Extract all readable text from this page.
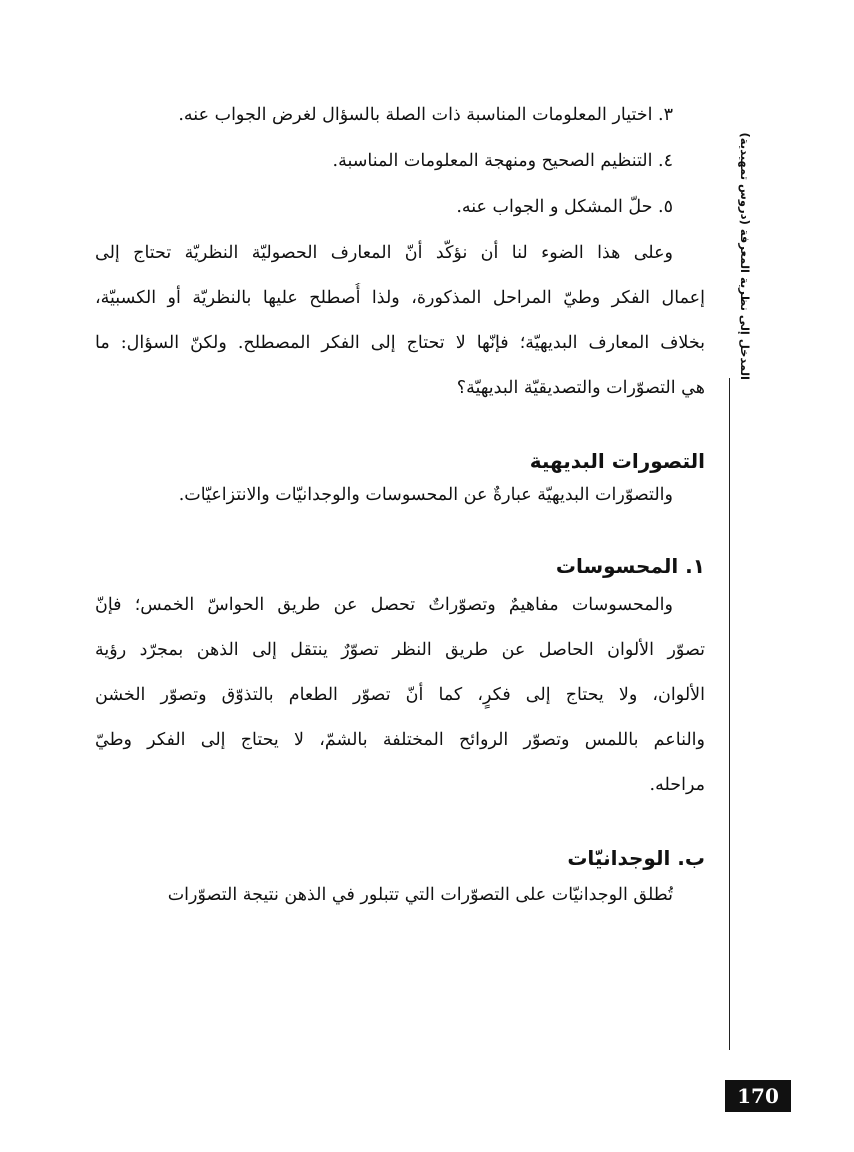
٣. اختيار المعلومات المناسبة ذات الصلة بالسؤال لغرض الجواب عنه.
٤. التنظيم الصحيح ومنهجة المعلومات المناسبة.
٥. حلّ المشكل و الجواب عنه.
وعلى هذا الضوء لنا أن نؤكّد أنّ المعارف الحصوليّة النظريّة تحتاج إلى
إعمال الفكر وطيّ المراحل المذكورة، ولذا أُصطلح عليها بالنظريّة أو الكسبيّة،
بخلاف المعارف البديهيّة؛ فإنّها لا تحتاج إلى الفكر المصطلح. ولكنّ السؤال: ما
هي التصوّرات والتصديقيّة البديهيّة؟
التصورات البديهية
والتصوّرات البديهيّة عبارةٌ عن المحسوسات والوجدانيّات والانتزاعيّات.
١. المحسوسات
والمحسوسات مفاهيمٌ وتصوّراتٌ تحصل عن طريق الحواسّ الخمس؛ فإنّ
تصوّر الألوان الحاصل عن طريق النظر تصوّرٌ ينتقل إلى الذهن بمجرّد رؤية
الألوان، ولا يحتاج إلى فكرٍ، كما أنّ تصوّر الطعام بالتذوّق وتصوّر الخشن
والناعم باللمس وتصوّر الروائح المختلفة بالشمّ، لا يحتاج إلى الفكر وطيّ
مراحله.
ب. الوجدانيّات
تُطلق الوجدانيّات على التصوّرات التي تتبلور في الذهن نتيجة التصوّرات
المدخل إلى نظرية المعرفة (دروس تمهيدية)
170
